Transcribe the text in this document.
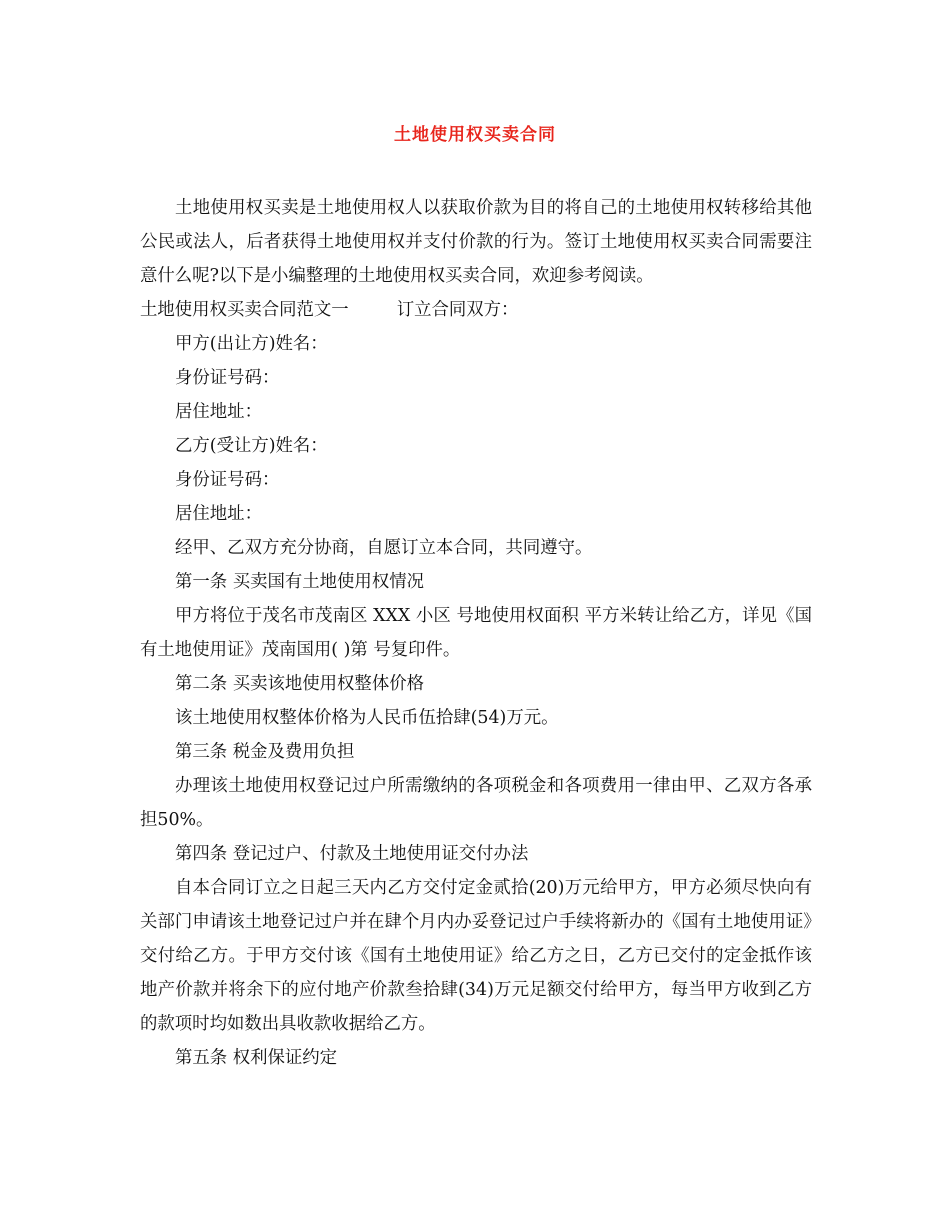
土地使用权买卖合同

土地使用权买卖是土地使用权人以获取价款为目的将自己的土地使用权转移给其他公民或法人，后者获得土地使用权并支付价款的行为。签订土地使用权买卖合同需要注意什么呢?以下是小编整理的土地使用权买卖合同，欢迎参考阅读。

土地使用权买卖合同范文一	订立合同双方：

甲方(出让方)姓名：

身份证号码：

居住地址：

乙方(受让方)姓名：

身份证号码：

居住地址：

经甲、乙双方充分协商，自愿订立本合同，共同遵守。

第一条 买卖国有土地使用权情况

甲方将位于茂名市茂南区 XXX 小区 号地使用权面积 平方米转让给乙方，详见《国有土地使用证》茂南国用( )第 号复印件。

第二条 买卖该地使用权整体价格

该土地使用权整体价格为人民币伍拾肆(54)万元。

第三条 税金及费用负担

办理该土地使用权登记过户所需缴纳的各项税金和各项费用一律由甲、乙双方各承担50%。

第四条 登记过户、付款及土地使用证交付办法

自本合同订立之日起三天内乙方交付定金贰拾(20)万元给甲方，甲方必须尽快向有关部门申请该土地登记过户并在肆个月内办妥登记过户手续将新办的《国有土地使用证》交付给乙方。于甲方交付该《国有土地使用证》给乙方之日，乙方已交付的定金抵作该地产价款并将余下的应付地产价款叁拾肆(34)万元足额交付给甲方，每当甲方收到乙方的款项时均如数出具收款收据给乙方。

第五条 权利保证约定
